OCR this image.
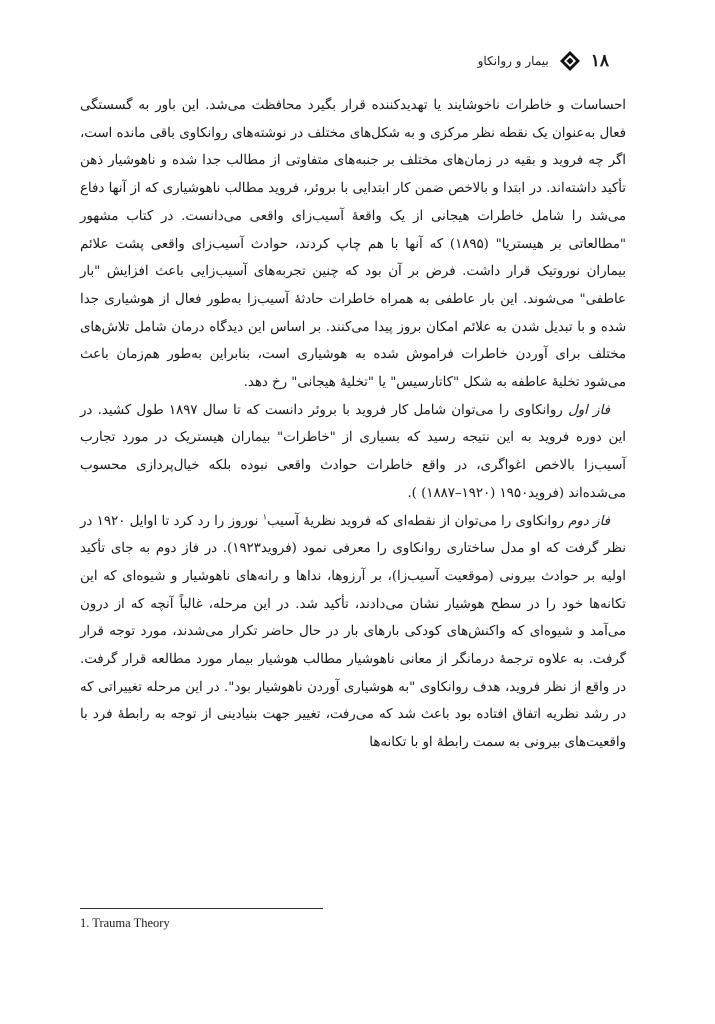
۱۸
بیمار و روانکاو

احساسات و خاطرات ناخوشایند یا تهدیدکننده قرار بگیرد محافظت می‌شد. این باور به گسستگی فعال به‌عنوان یک نقطه نظر مرکزی و به شکل‌های مختلف در نوشته‌های روانکاوی باقی مانده است، اگر چه فروید و بقیه در زمان‌های مختلف بر جنبه‌های متفاوتی از مطالب جدا شده و ناهوشیار ذهن تأکید داشته‌اند. در ابتدا و بالاخص ضمن کار ابتدایی با بروئر، فروید مطالب ناهوشیاری که از آنها دفاع می‌شد را شامل خاطرات هیجانی از یک واقعهٔ آسیب‌زای واقعی می‌دانست. در کتاب مشهور "مطالعاتی بر هیستریا" (۱۸۹۵) که آنها با هم چاپ کردند، حوادث آسیب‌زای واقعی پشت علائم بیماران نوروتیک قرار داشت. فرض بر آن بود که چنین تجربه‌های آسیب‌زایی باعث افزایش "بار عاطفی" می‌شوند. این بار عاطفی به همراه خاطرات حادثهٔ آسیب‌زا به‌طور فعال از هوشیاری جدا شده و با تبدیل شدن به علائم امکان بروز پیدا می‌کنند. بر اساس این دیدگاه درمان شامل تلاش‌های مختلف برای آوردن خاطرات فراموش شده به هوشیاری است، بنابراین به‌طور هم‌زمان باعث می‌شود تخلیهٔ عاطفه به شکل "کاتارسیس" یا "تخلیهٔ هیجانی" رخ دهد.

فاز اول روانکاوی را می‌توان شامل کار فروید با بروئر دانست که تا سال ۱۸۹۷ طول کشید. در این دوره فروید به این نتیجه رسید که بسیاری از "خاطرات" بیماران هیستریک در مورد تجارب آسیب‌زا بالاخص اغواگری، در واقع خاطرات حوادث واقعی نبوده بلکه خیال‌پردازی محسوب می‌شده‌اند (فروید۱۹۵۰ (۱۹۲۰–۱۸۸۷) ).

فاز دوم روانکاوی را می‌توان از نقطه‌ای که فروید نظریهٔ آسیب$^۱$ نوروز را رد کرد تا اوایل ۱۹۲۰ در نظر گرفت که او مدل ساختاری روانکاوی را معرفی نمود (فروید۱۹۲۳). در فاز دوم به جای تأکید اولیه بر حوادث بیرونی (موقعیت آسیب‌زا)، بر آرزوها، نداها و رانه‌های ناهوشیار و شیوه‌ای که این تکانه‌ها خود را در سطح هوشیار نشان می‌دادند، تأکید شد. در این مرحله، غالباً آنچه که از درون می‌آمد و شیوه‌ای که واکنش‌های کودکی بارهای بار در حال حاضر تکرار می‌شدند، مورد توجه قرار گرفت. به علاوه ترجمهٔ درمانگر از معانی ناهوشیار مطالب هوشیار بیمار مورد مطالعه قرار گرفت. در واقع از نظر فروید، هدف روانکاوی "به هوشیاری آوردن ناهوشیار بود". در این مرحله تغییراتی که در رشد نظریه اتفاق افتاده بود باعث شد که می‌رفت، تغییر جهت بنیادینی از توجه به رابطهٔ فرد با واقعیت‌های بیرونی به سمت رابطهٔ او با تکانه‌ها

1. Trauma Theory
